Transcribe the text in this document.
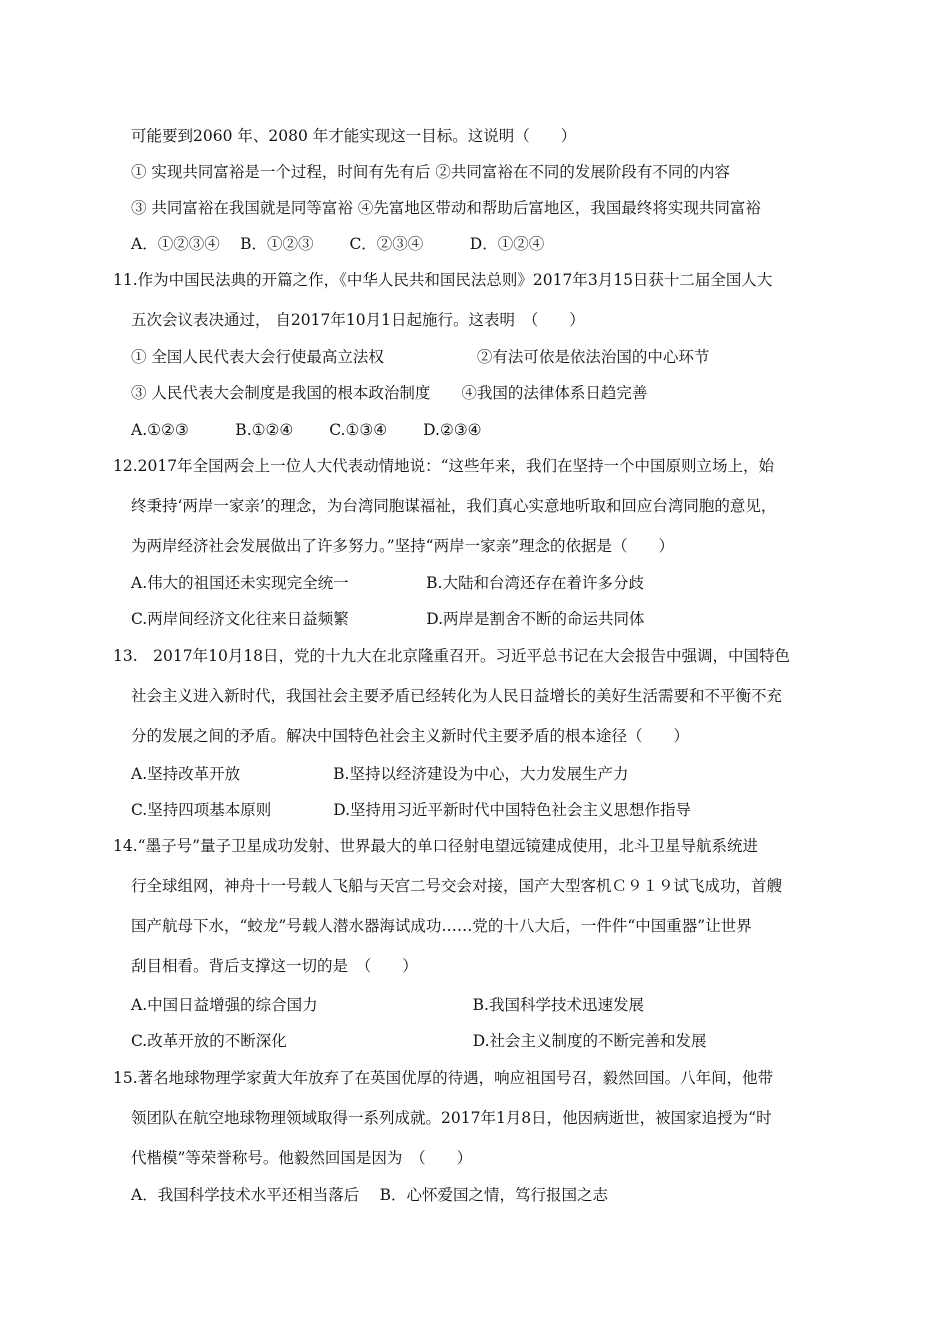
可能要到2060 年、2080 年才能实现这一目标。这说明（　　）
① 实现共同富裕是一个过程，时间有先有后 ②共同富裕在不同的发展阶段有不同的内容
③ 共同富裕在我国就是同等富裕 ④先富地区带动和帮助后富地区，我国最终将实现共同富裕
A．①②③④　 B．①②③　　 C．②③④　　　D．①②④
11.作为中国民法典的开篇之作，《中华人民共和国民法总则》2017年3月15日获十二届全国人大
五次会议表决通过， 自2017年10月1日起施行。这表明　（　　）
① 全国人民代表大会行使最高立法权　　　　　　②有法可依是依法治国的中心环节
③ 人民代表大会制度是我国的根本政治制度　　④我国的法律体系日趋完善
A.①②③　　　B.①②④　　 C.①③④　　 D.②③④
12.2017年全国两会上一位人大代表动情地说：“这些年来，我们在坚持一个中国原则立场上，始
终秉持‘两岸一家亲’的理念，为台湾同胞谋福祉，我们真心实意地听取和回应台湾同胞的意见，
为两岸经济社会发展做出了许多努力。”坚持“两岸一家亲”理念的依据是（　　）
A.伟大的祖国还未实现完全统一　　　　　B.大陆和台湾还存在着许多分歧
C.两岸间经济文化往来日益频繁　　　　　D.两岸是割舍不断的命运共同体
13.　2017年10月18日，党的十九大在北京隆重召开。习近平总书记在大会报告中强调，中国特色
社会主义进入新时代，我国社会主要矛盾已经转化为人民日益增长的美好生活需要和不平衡不充
分的发展之间的矛盾。解决中国特色社会主义新时代主要矛盾的根本途径（　　）
A.坚持改革开放　　　　　　B.坚持以经济建设为中心，大力发展生产力
C.坚持四项基本原则　　　　D.坚持用习近平新时代中国特色社会主义思想作指导
14.“墨子号”量子卫星成功发射、世界最大的单口径射电望远镜建成使用，北斗卫星导航系统进
行全球组网，神舟十一号载人飞船与天宫二号交会对接，国产大型客机Ｃ９１９试飞成功，首艘
国产航母下水，“蛟龙”号载人潜水器海试成功……党的十八大后，一件件“中国重器”让世界
刮目相看。背后支撑这一切的是　（　　）
A.中国日益增强的综合国力　　　　　　　　　　B.我国科学技术迅速发展
C.改革开放的不断深化　　　　　　　　　　　　D.社会主义制度的不断完善和发展
15.著名地球物理学家黄大年放弃了在英国优厚的待遇，响应祖国号召，毅然回国。八年间，他带
领团队在航空地球物理领域取得一系列成就。2017年1月8日，他因病逝世，被国家追授为“时
代楷模”等荣誉称号。他毅然回国是因为　（　　）
A．我国科学技术水平还相当落后　 B．心怀爱国之情，笃行报国之志
